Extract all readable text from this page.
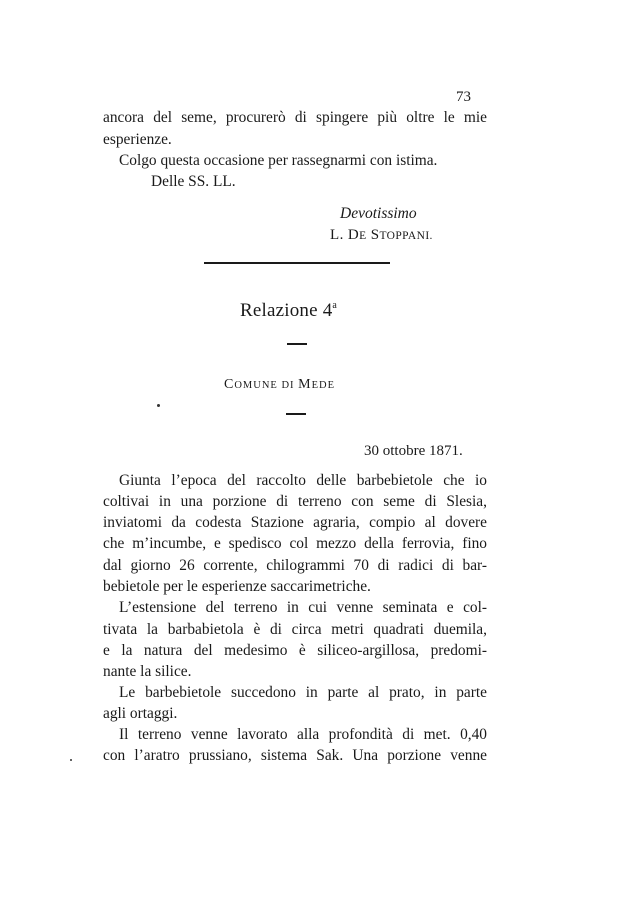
73
ancora del seme, procurerò di spingere più oltre le mie
esperienze.
Colgo questa occasione per rassegnarmi con istima.
Delle SS. LL.
Devotissimo
L. DE STOPPANI.
Relazione 4$^a$
COMUNE DI MEDE
30 ottobre 1871.
Giunta l’epoca del raccolto delle barbebietole che io
coltivai in una porzione di terreno con seme di Slesia,
inviatomi da codesta Stazione agraria, compio al dovere
che m’incumbe, e spedisco col mezzo della ferrovia, fino
dal giorno 26 corrente, chilogrammi 70 di radici di bar-
bebietole per le esperienze saccarimetriche.
L’estensione del terreno in cui venne seminata e col-
tivata la barbabietola è di circa metri quadrati duemila,
e la natura del medesimo è siliceo-argillosa, predomi-
nante la silice.
Le barbebietole succedono in parte al prato, in parte
agli ortaggi.
Il terreno venne lavorato alla profondità di met. 0,40
con l’aratro prussiano, sistema Sak. Una porzione venne
